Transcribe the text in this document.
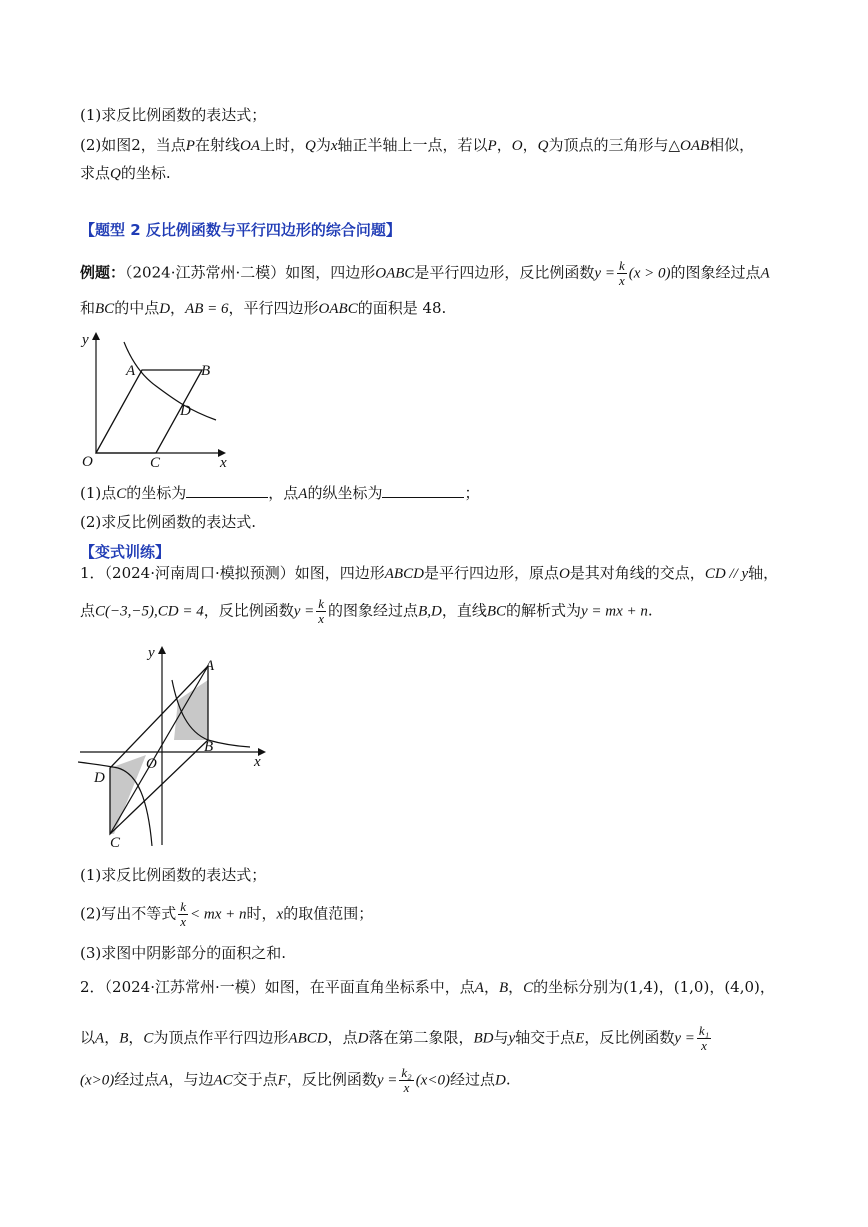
(1)求反比例函数的表达式；
(2)如图2，当点P在射线OA上时，Q为x轴正半轴上一点，若以P，O，Q为顶点的三角形与△OAB相似，
求点Q的坐标.
【题型 2 反比例函数与平行四边形的综合问题】
例题：（2024·江苏常州·二模）如图，四边形OABC是平行四边形，反比例函数$y = \frac{k}{x} (x > 0)$的图象经过点A
和BC的中点D，AB = 6，平行四边形OABC的面积是 48.
y
x
O
A	B
C
D
(1)点C的坐标为	，点A的纵坐标为	；
(2)求反比例函数的表达式.
【变式训练】
1．（2024·河南周口·模拟预测）如图，四边形ABCD是平行四边形，原点O是其对角线的交点，CD // y轴，
点C(−3,−5),CD = 4，反比例函数$y = \frac{k}{x}$ 的图象经过点B,D，直线BC的解析式为y = mx + n.
y
x
O
A
B
C
D
(1)求反比例函数的表达式；
(2)写出不等式 $\frac{k}{x}$ < mx + n时，x的取值范围；
(3)求图中阴影部分的面积之和.
2．（2024·江苏常州·一模）如图，在平面直角坐标系中，点A，B，C的坐标分别为(1,4)，(1,0)，(4,0)，
以A，B，C为顶点作平行四边形ABCD，点D落在第二象限，BD与y轴交于点E，反比例函数$y = \frac{\text{k₁}}{x}$
(x>0)经过点A，与边AC交于点F，反比例函数$y = \frac{\text{k₂}}{x} (x<0)$经过点D.
